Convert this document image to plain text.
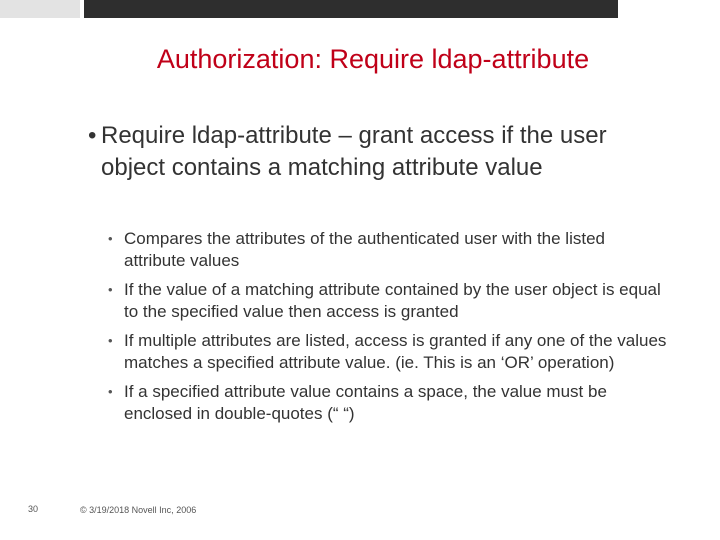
Authorization: Require ldap-attribute
• Require ldap-attribute – grant access if the user object contains a matching attribute value
• Compares the attributes of the authenticated user with the listed attribute values
• If the value of a matching attribute contained by the user object is equal to the specified value then access is granted
• If multiple attributes are listed, access is granted if any one of the values matches a specified attribute value. (ie. This is an ‘OR’ operation)
• If a specified attribute value contains a space, the value must be enclosed in double-quotes (“ “)
30	© 3/19/2018 Novell Inc, 2006
